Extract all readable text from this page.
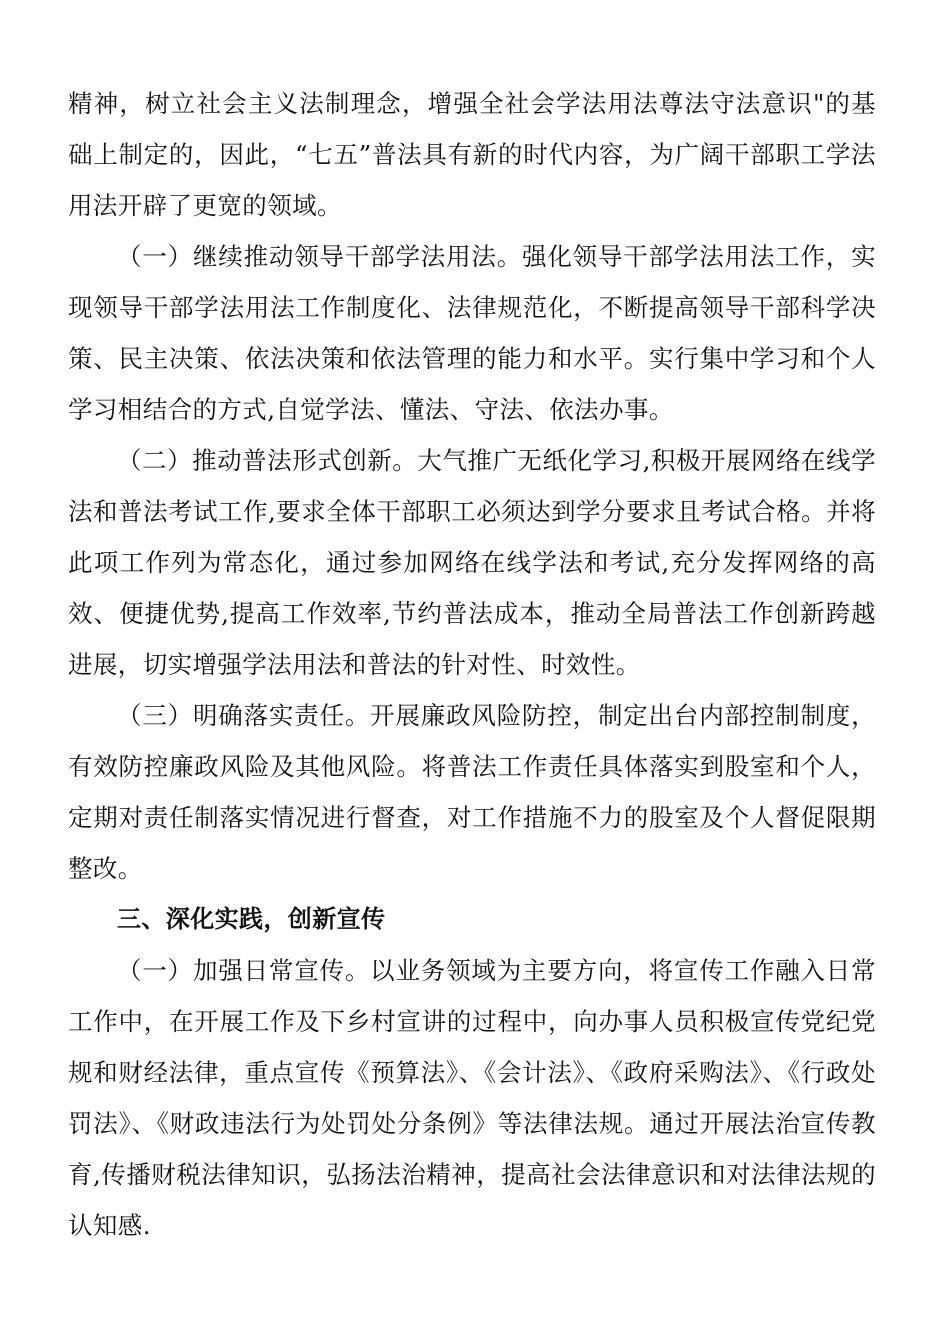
精神，树立社会主义法制理念，增强全社会学法用法尊法守法意识"的基础上制定的，因此，“七五”普法具有新的时代内容，为广阔干部职工学法用法开辟了更宽的领域。

（一）继续推动领导干部学法用法。强化领导干部学法用法工作，实现领导干部学法用法工作制度化、法律规范化，不断提高领导干部科学决策、民主决策、依法决策和依法管理的能力和水平。实行集中学习和个人学习相结合的方式,自觉学法、懂法、守法、依法办事。

（二）推动普法形式创新。大气推广无纸化学习,积极开展网络在线学法和普法考试工作,要求全体干部职工必须达到学分要求且考试合格。并将此项工作列为常态化，通过参加网络在线学法和考试,充分发挥网络的高效、便捷优势,提高工作效率,节约普法成本，推动全局普法工作创新跨越进展，切实增强学法用法和普法的针对性、时效性。

（三）明确落实责任。开展廉政风险防控，制定出台内部控制制度，有效防控廉政风险及其他风险。将普法工作责任具体落实到股室和个人，定期对责任制落实情况进行督查，对工作措施不力的股室及个人督促限期整改。

三、深化实践，创新宣传

（一）加强日常宣传。以业务领域为主要方向，将宣传工作融入日常工作中，在开展工作及下乡村宣讲的过程中，向办事人员积极宣传党纪党规和财经法律，重点宣传《预算法》、《会计法》、《政府采购法》、《行政处罚法》、《财政违法行为处罚处分条例》等法律法规。通过开展法治宣传教育,传播财税法律知识，弘扬法治精神，提高社会法律意识和对法律法规的认知感.
